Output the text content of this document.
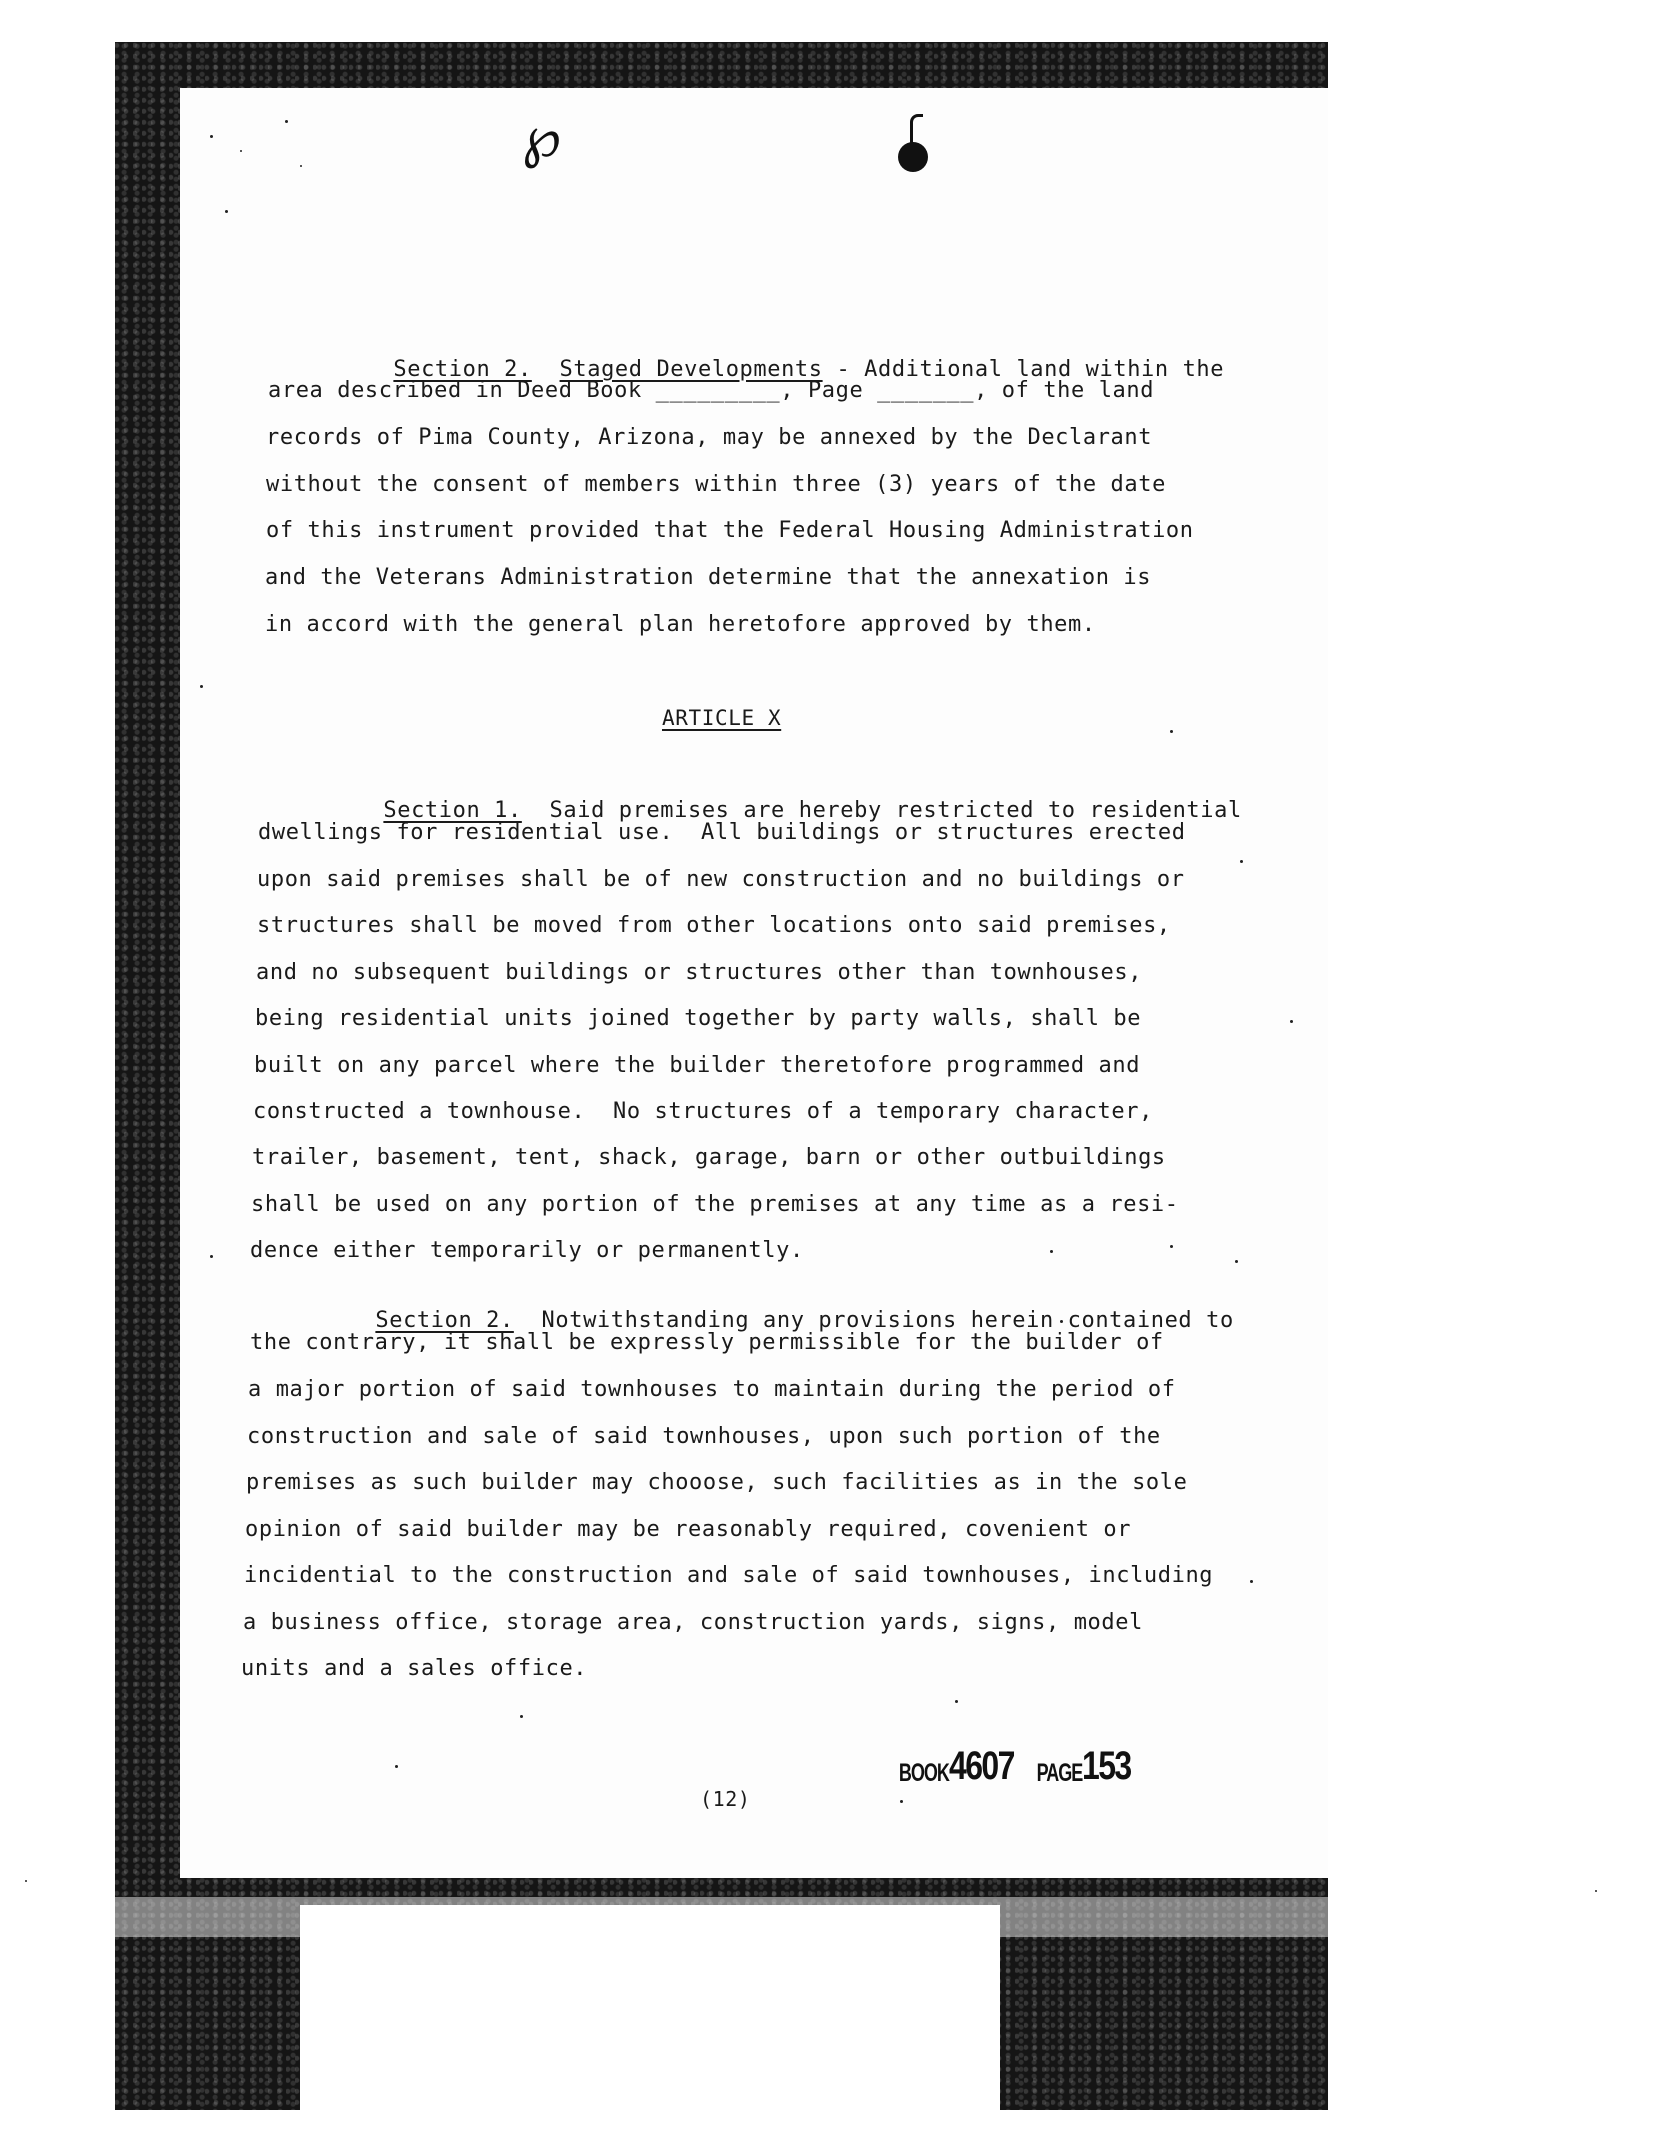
℘

Section 2. Staged Developments - Additional land within the

area described in Deed Book _________, Page _______, of the land
records of Pima County, Arizona, may be annexed by the Declarant
without the consent of members within three (3) years of the date
of this instrument provided that the Federal Housing Administration
and the Veterans Administration determine that the annexation is
in accord with the general plan heretofore approved by them.
ARTICLE X

Section 1.  Said premises are hereby restricted to residential

dwellings for residential use.  All buildings or structures erected
upon said premises shall be of new construction and no buildings or
structures shall be moved from other locations onto said premises,
and no subsequent buildings or structures other than townhouses,
being residential units joined together by party walls, shall be
built on any parcel where the builder theretofore programmed and
constructed a townhouse.  No structures of a temporary character,
trailer, basement, tent, shack, garage, barn or other outbuildings
shall be used on any portion of the premises at any time as a resi-
dence either temporarily or permanently.

Section 2.  Notwithstanding any provisions herein contained to

the contrary, it shall be expressly permissible for the builder of
a major portion of said townhouses to maintain during the period of
construction and sale of said townhouses, upon such portion of the
premises as such builder may chooose, such facilities as in the sole
opinion of said builder may be reasonably required, covenient or
incidential to the construction and sale of said townhouses, including
a business office, storage area, construction yards, signs, model
units and a sales office.

BOOK4607 PAGE153

(12)
